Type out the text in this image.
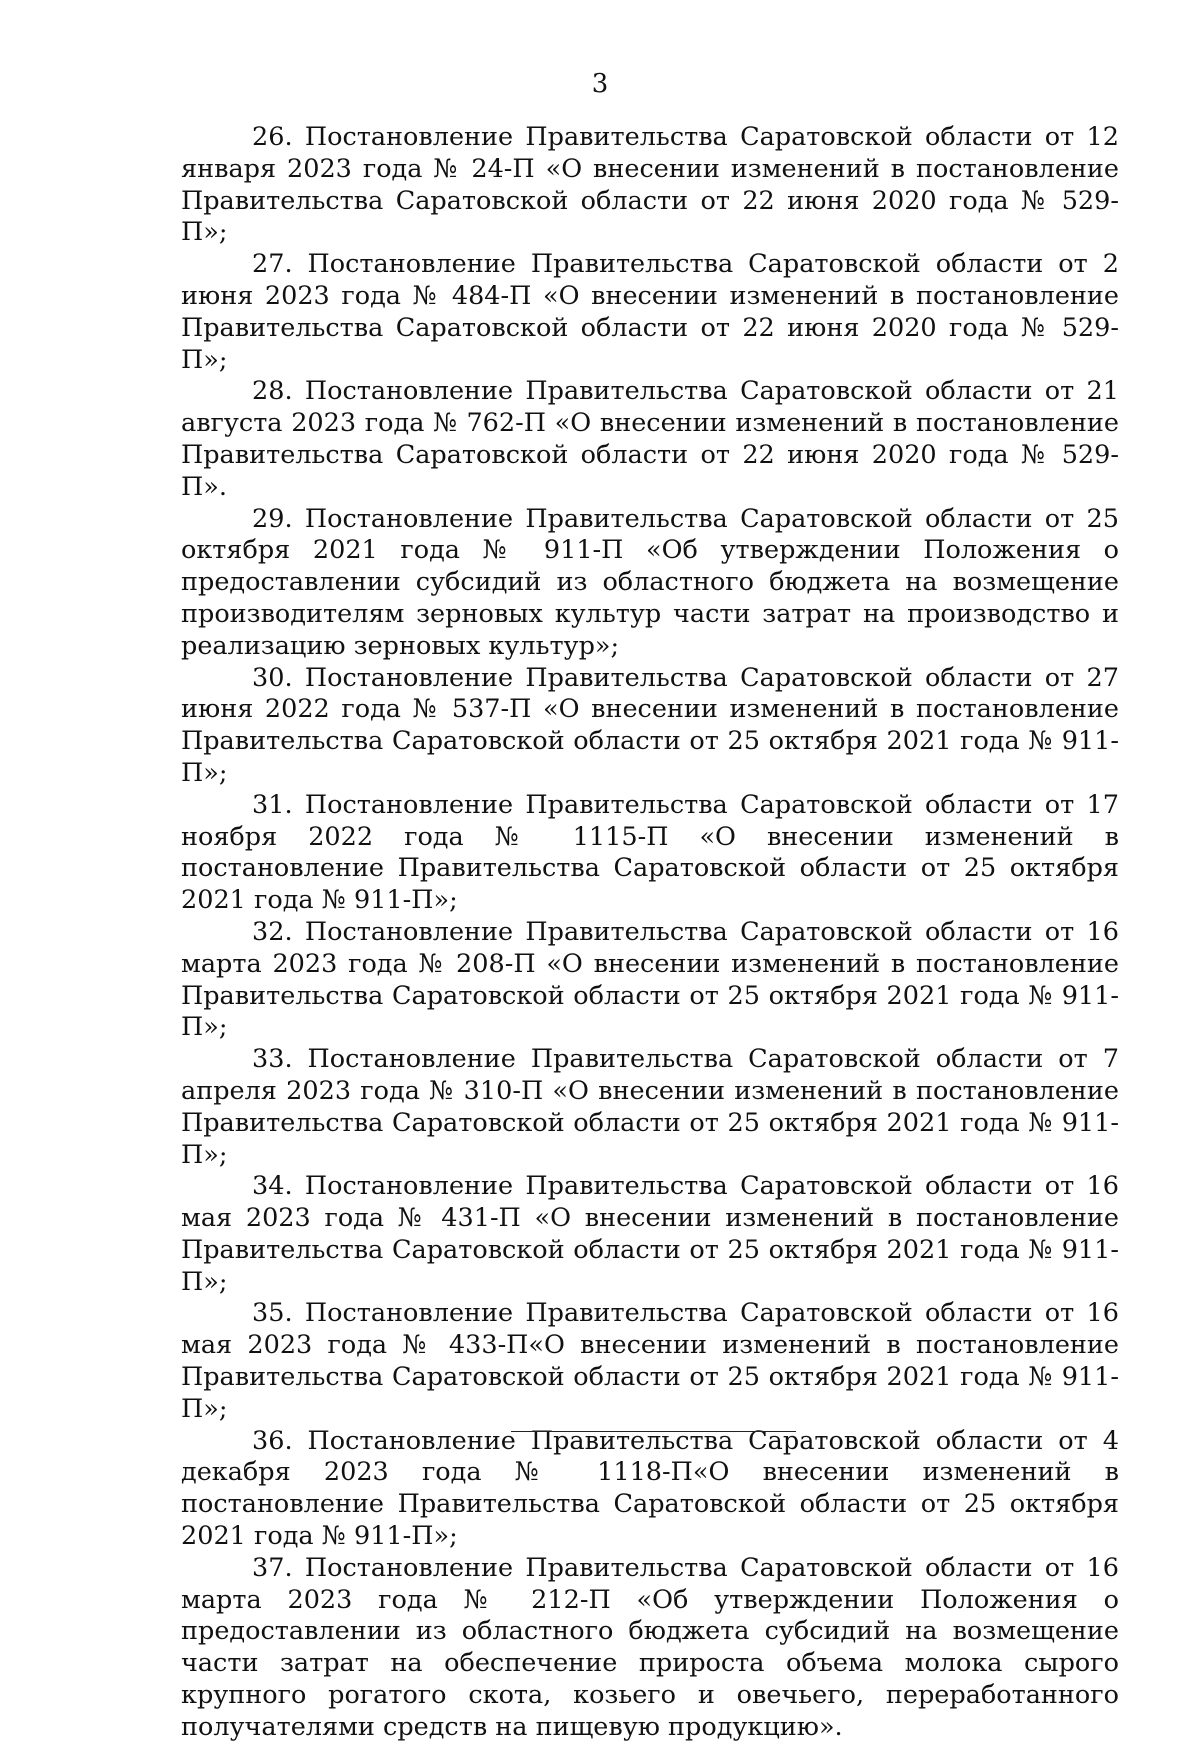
3

26. Постановление Правительства Саратовской области от 12 января 2023 года № 24-П «О внесении изменений в постановление Правительства Саратовской области от 22 июня 2020 года № 529-П»;

27. Постановление Правительства Саратовской области от 2 июня 2023 года № 484-П «О внесении изменений в постановление Правительства Саратовской области от 22 июня 2020 года № 529-П»;

28. Постановление Правительства Саратовской области от 21 августа 2023 года № 762-П «О внесении изменений в постановление Правительства Саратовской области от 22 июня 2020 года № 529-П».

29. Постановление Правительства Саратовской области от 25 октября 2021 года № 911-П «Об утверждении Положения о предоставлении субсидий из областного бюджета на возмещение производителям зерновых культур части затрат на производство и реализацию зерновых культур»;

30. Постановление Правительства Саратовской области от 27 июня 2022 года № 537-П «О внесении изменений в постановление Правительства Саратовской области от 25 октября 2021 года № 911-П»;

31. Постановление Правительства Саратовской области от 17 ноября 2022 года № 1115-П «О внесении изменений в постановление Правительства Саратовской области от 25 октября 2021 года № 911-П»;

32. Постановление Правительства Саратовской области от 16 марта 2023 года № 208-П «О внесении изменений в постановление Правительства Саратовской области от 25 октября 2021 года № 911-П»;

33. Постановление Правительства Саратовской области от 7 апреля 2023 года № 310-П «О внесении изменений в постановление Правительства Саратовской области от 25 октября 2021 года № 911-П»;

34. Постановление Правительства Саратовской области от 16 мая 2023 года № 431-П «О внесении изменений в постановление Правительства Саратовской области от 25 октября 2021 года № 911-П»;

35. Постановление Правительства Саратовской области от 16 мая 2023 года № 433-П«О внесении изменений в постановление Правительства Саратовской области от 25 октября 2021 года № 911-П»;

36. Постановление Правительства Саратовской области от 4 декабря 2023 года № 1118-П«О внесении изменений в постановление Правительства Саратовской области от 25 октября 2021 года № 911-П»;

37. Постановление Правительства Саратовской области от 16 марта 2023 года № 212-П «Об утверждении Положения о предоставлении из областного бюджета субсидий на возмещение части затрат на обеспечение прироста объема молока сырого крупного рогатого скота, козьего и овечьего, переработанного получателями средств на пищевую продукцию».
